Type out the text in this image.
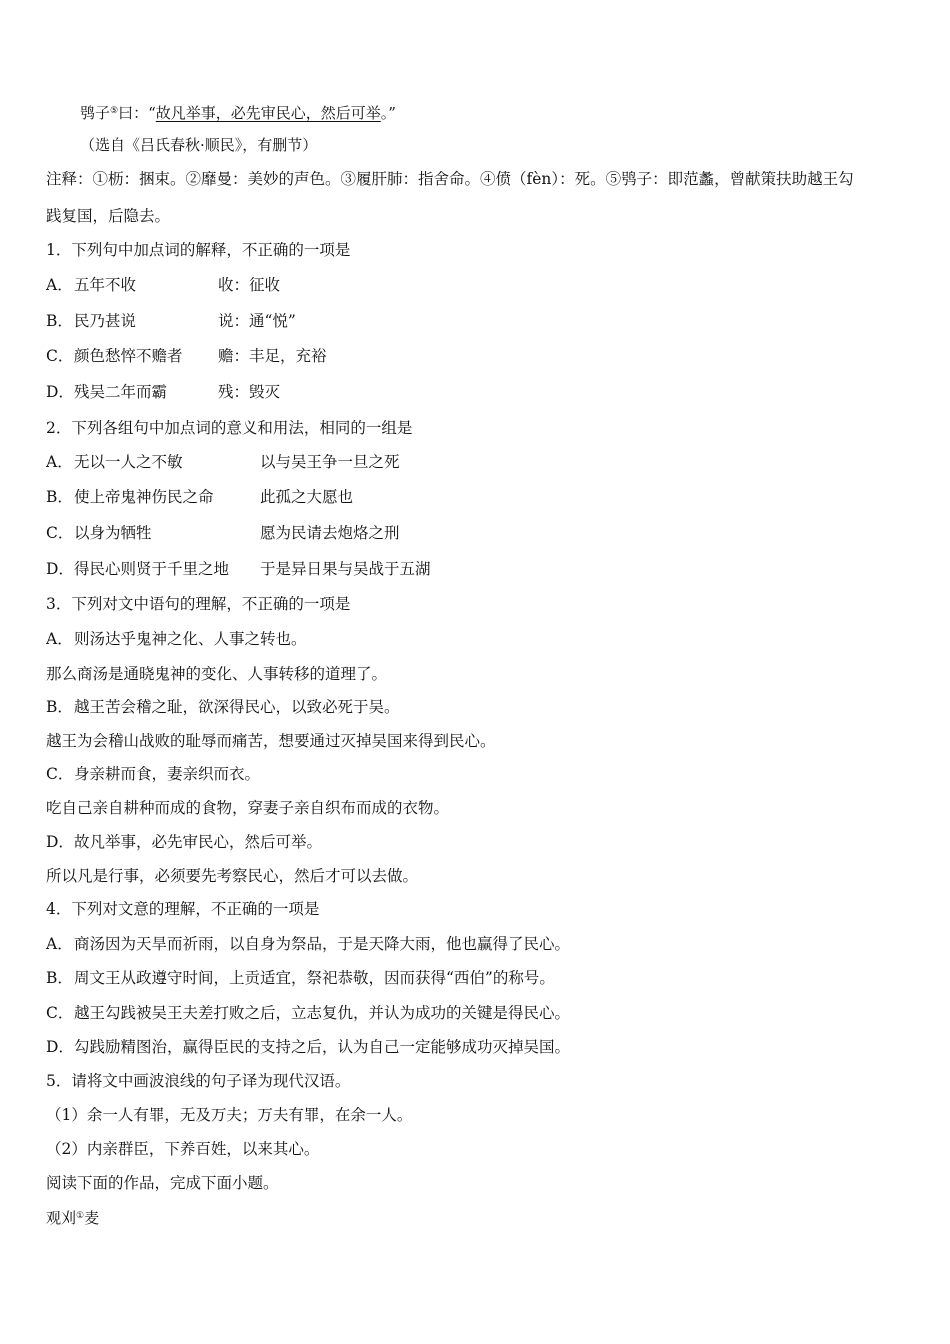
鸮子⑤曰：“故凡举事，必先审民心，然后可举。”
（选自《吕氏春秋·顺民》，有删节）
注释：①枥：捆束。②靡曼：美妙的声色。③履肝肺：指舍命。④偾（fèn）：死。⑤鸮子：即范蠡，曾献策扶助越王勾
践复国，后隐去。
1．下列句中加点词的解释，不正确的一项是
A．五年不收	收：征收
B．民乃甚说	说：通“悦”
C．颜色愁悴不赡者 赡：丰足，充裕
D．残吴二年而霸	残：毁灭
2．下列各组句中加点词的意义和用法，相同的一组是
A．无以一人之不敏	以与吴王争一旦之死
B．使上帝鬼神伤民之命	此孤之大愿也
C．以身为牺牲	愿为民请去炮烙之刑
D．得民心则贤于千里之地 于是异日果与吴战于五湖
3．下列对文中语句的理解，不正确的一项是
A．则汤达乎鬼神之化、人事之转也。
那么商汤是通晓鬼神的变化、人事转移的道理了。
B．越王苦会稽之耻，欲深得民心，以致必死于吴。
越王为会稽山战败的耻辱而痛苦，想要通过灭掉吴国来得到民心。
C．身亲耕而食，妻亲织而衣。
吃自己亲自耕种而成的食物，穿妻子亲自织布而成的衣物。
D．故凡举事，必先审民心，然后可举。
所以凡是行事，必须要先考察民心，然后才可以去做。
4．下列对文意的理解，不正确的一项是
A．商汤因为天旱而祈雨，以自身为祭品，于是天降大雨，他也赢得了民心。
B．周文王从政遵守时间，上贡适宜，祭祀恭敬，因而获得“西伯”的称号。
C．越王勾践被吴王夫差打败之后，立志复仇，并认为成功的关键是得民心。
D．勾践励精图治，赢得臣民的支持之后，认为自己一定能够成功灭掉吴国。
5．请将文中画波浪线的句子译为现代汉语。
（1）余一人有罪，无及万夫；万夫有罪，在余一人。
（2）内亲群臣，下养百姓，以来其心。
阅读下面的作品，完成下面小题。
观刈①麦
